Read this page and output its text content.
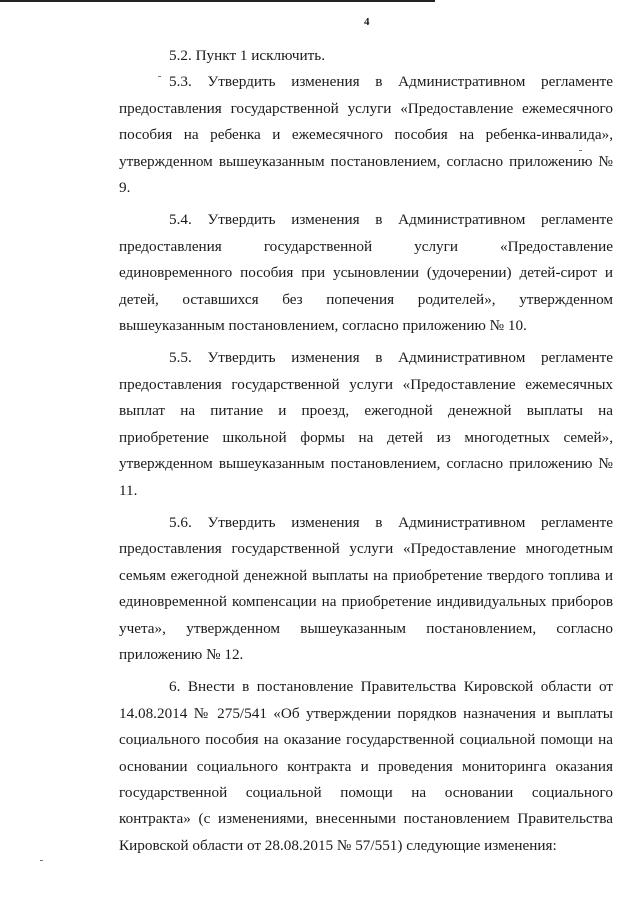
4

5.2. Пункт 1 исключить.

5.3. Утвердить изменения в Административном регламенте предоставления государственной услуги «Предоставление ежемесячного пособия на ребенка и ежемесячного пособия на ребенка-инвалида», утвержденном вышеуказанным постановлением, согласно приложению № 9.

5.4. Утвердить изменения в Административном регламенте предоставления государственной услуги «Предоставление единовременного пособия при усыновлении (удочерении) детей-сирот и детей, оставшихся без попечения родителей», утвержденном вышеуказанным постановлением, согласно приложению № 10.

5.5. Утвердить изменения в Административном регламенте предоставления государственной услуги «Предоставление ежемесячных выплат на питание и проезд, ежегодной денежной выплаты на приобретение школьной формы на детей из многодетных семей», утвержденном вышеуказанным постановлением, согласно приложению № 11.

5.6. Утвердить изменения в Административном регламенте предоставления государственной услуги «Предоставление многодетным семьям ежегодной денежной выплаты на приобретение твердого топлива и единовременной компенсации на приобретение индивидуальных приборов учета», утвержденном вышеуказанным постановлением, согласно приложению № 12.

6. Внести в постановление Правительства Кировской области от 14.08.2014 № 275/541 «Об утверждении порядков назначения и выплаты социального пособия на оказание государственной социальной помощи на основании социального контракта и проведения мониторинга оказания государственной социальной помощи на основании социального контракта» (с изменениями, внесенными постановлением Правительства Кировской области от 28.08.2015 № 57/551) следующие изменения:
